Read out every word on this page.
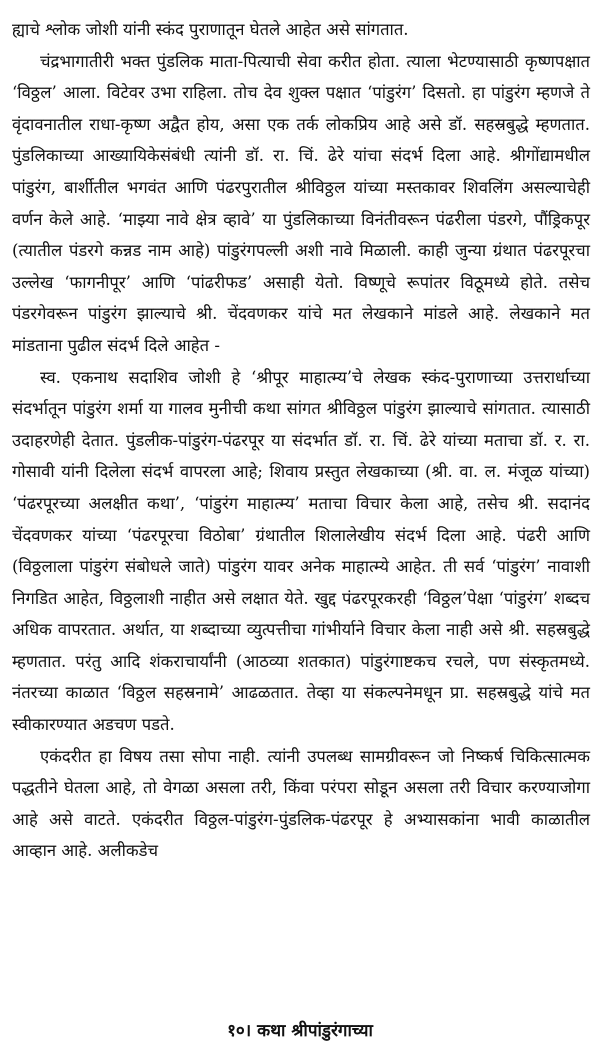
ह्याचे श्लोक जोशी यांनी स्कंद पुराणातून घेतले आहेत असे सांगतात.

चंद्रभागातीरी भक्त पुंडलिक माता-पित्याची सेवा करीत होता. त्याला भेटण्यासाठी कृष्णपक्षात ‘विठ्ठल’ आला. विटेवर उभा राहिला. तोच देव शुक्ल पक्षात ‘पांडुरंग’ दिसतो. हा पांडुरंग म्हणजे ते वृंदावनातील राधा-कृष्ण अद्वैत होय, असा एक तर्क लोकप्रिय आहे असे डॉ. सहस्रबुद्धे म्हणतात. पुंडलिकाच्या आख्यायिकेसंबंधी त्यांनी डॉ. रा. चिं. ढेरे यांचा संदर्भ दिला आहे. श्रीगोंद्यामधील पांडुरंग, बार्शीतील भगवंत आणि पंढरपुरातील श्रीविठ्ठल यांच्या मस्तकावर शिवलिंग असल्याचेही वर्णन केले आहे. ‘माझ्या नावे क्षेत्र व्हावे’ या पुंडलिकाच्या विनंतीवरून पंढरीला पंडरगे, पौंड्रिकपूर (त्यातील पंडरगे कन्नड नाम आहे) पांडुरंगपल्ली अशी नावे मिळाली. काही जुन्या ग्रंथात पंढरपूरचा उल्लेख ‘फागनीपूर’ आणि ‘पांढरीफड’ असाही येतो. विष्णूचे रूपांतर विठूमध्ये होते. तसेच पंडरगेवरून पांडुरंग झाल्याचे श्री. चेंदवणकर यांचे मत लेखकाने मांडले आहे. लेखकाने मत मांडताना पुढील संदर्भ दिले आहेत -

स्व. एकनाथ सदाशिव जोशी हे ‘श्रीपूर माहात्म्य’चे लेखक स्कंद-पुराणाच्या उत्तरार्धाच्या संदर्भातून पांडुरंग शर्मा या गालव मुनीची कथा सांगत श्रीविठ्ठल पांडुरंग झाल्याचे सांगतात. त्यासाठी उदाहरणेही देतात. पुंडलीक-पांडुरंग-पंढरपूर या संदर्भात डॉ. रा. चिं. ढेरे यांच्या मताचा डॉ. र. रा. गोसावी यांनी दिलेला संदर्भ वापरला आहे; शिवाय प्रस्तुत लेखकाच्या (श्री. वा. ल. मंजूळ यांच्या) ‘पंढरपूरच्या अलक्षीत कथा’, ‘पांडुरंग माहात्म्य’ मताचा विचार केला आहे, तसेच श्री. सदानंद चेंदवणकर यांच्या ‘पंढरपूरचा विठोबा’ ग्रंथातील शिलालेखीय संदर्भ दिला आहे. पंढरी आणि (विठ्ठलाला पांडुरंग संबोधले जाते) पांडुरंग यावर अनेक माहात्म्ये आहेत. ती सर्व ‘पांडुरंग’ नावाशी निगडित आहेत, विठ्ठलाशी नाहीत असे लक्षात येते. खुद्द पंढरपूरकरही ‘विठ्ठल’पेक्षा ‘पांडुरंग’ शब्दच अधिक वापरतात. अर्थात, या शब्दाच्या व्युत्पत्तीचा गांभीर्याने विचार केला नाही असे श्री. सहस्रबुद्धे म्हणतात. परंतु आदि शंकराचार्यांनी (आठव्या शतकात) पांडुरंगाष्टकच रचले, पण संस्कृतमध्ये. नंतरच्या काळात ‘विठ्ठल सहस्रनामे’ आढळतात. तेव्हा या संकल्पनेमधून प्रा. सहस्रबुद्धे यांचे मत स्वीकारण्यात अडचण पडते.

एकंदरीत हा विषय तसा सोपा नाही. त्यांनी उपलब्ध सामग्रीवरून जो निष्कर्ष चिकित्सात्मक पद्धतीने घेतला आहे, तो वेगळा असला तरी, किंवा परंपरा सोडून असला तरी विचार करण्याजोगा आहे असे वाटते. एकंदरीत विठ्ठल-पांडुरंग-पुंडलिक-पंढरपूर हे अभ्यासकांना भावी काळातील आव्हान आहे. अलीकडेच

१०। कथा श्रीपांडुरंगाच्या
